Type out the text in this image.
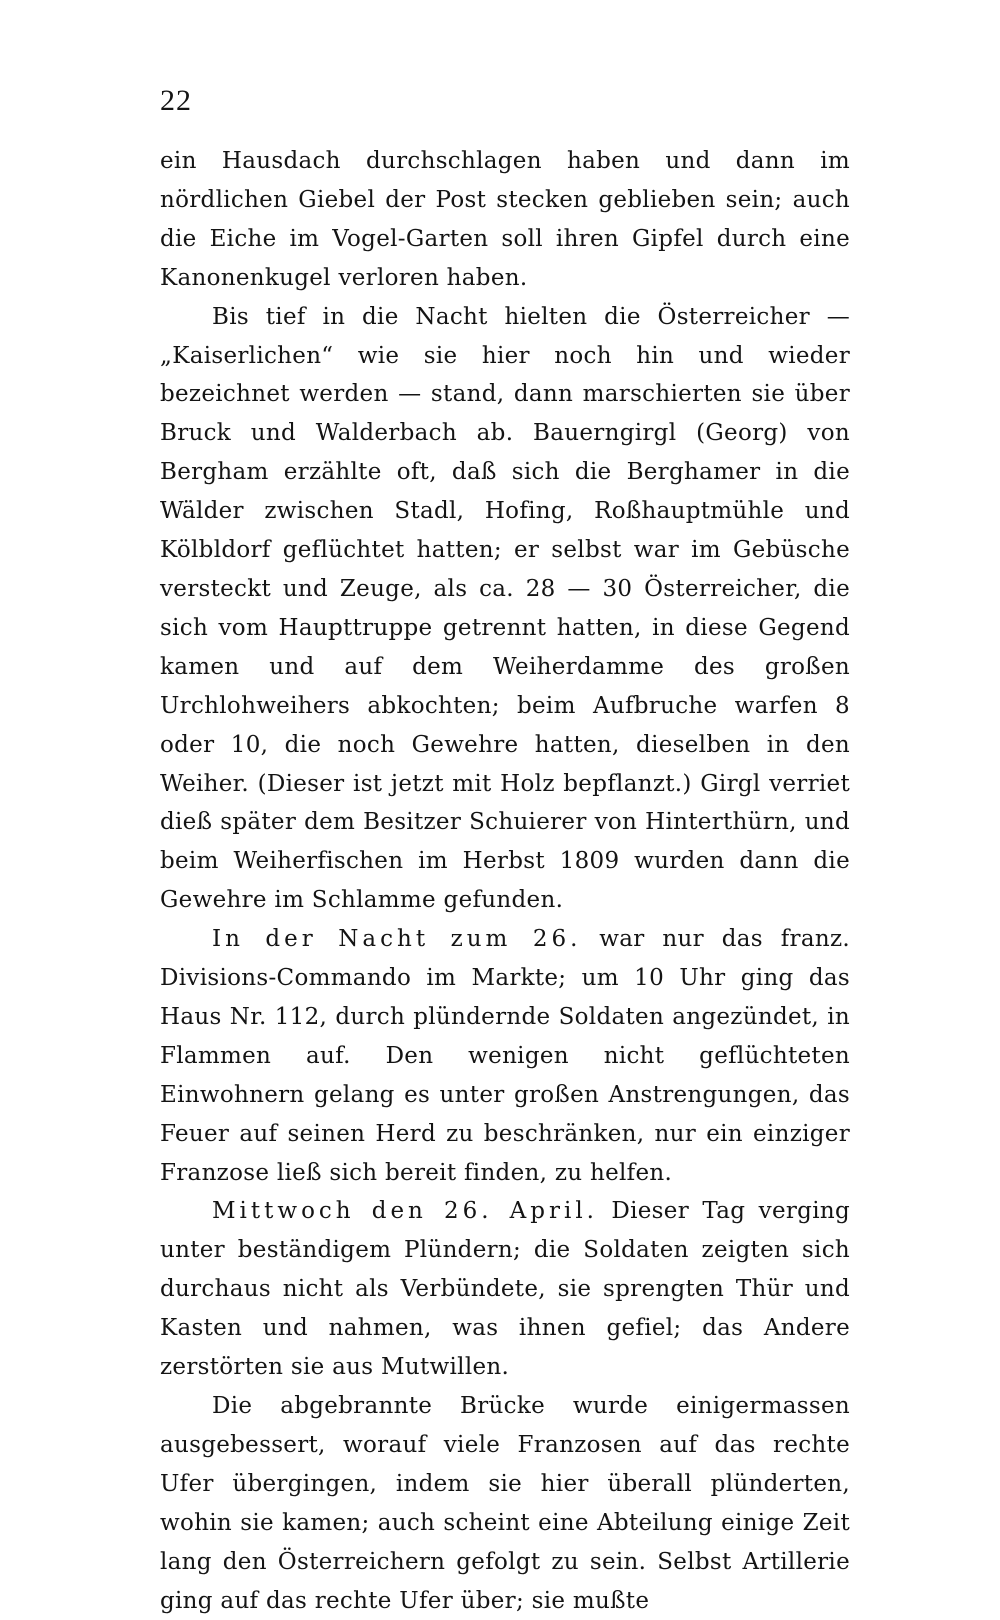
22

ein Hausdach durchschlagen haben und dann im nördlichen Giebel der Post stecken geblieben sein; auch die Eiche im Vogel-Garten soll ihren Gipfel durch eine Kanonenkugel verloren haben.

Bis tief in die Nacht hielten die Österreicher — „Kaiserlichen“ wie sie hier noch hin und wieder bezeichnet werden — stand, dann marschierten sie über Bruck und Walderbach ab. Bauerngirgl (Georg) von Bergham erzählte oft, daß sich die Berghamer in die Wälder zwischen Stadl, Hofing, Roßhauptmühle und Kölbldorf geflüchtet hatten; er selbst war im Gebüsche versteckt und Zeuge, als ca. 28 — 30 Österreicher, die sich vom Haupttruppe getrennt hatten, in diese Gegend kamen und auf dem Weiherdamme des großen Urchlohweihers abkochten; beim Aufbruche warfen 8 oder 10, die noch Gewehre hatten, dieselben in den Weiher. (Dieser ist jetzt mit Holz bepflanzt.) Girgl verriet dieß später dem Besitzer Schuierer von Hinterthürn, und beim Weiherfischen im Herbst 1809 wurden dann die Gewehre im Schlamme gefunden.

In der Nacht zum 26. war nur das franz. Divisions-Commando im Markte; um 10 Uhr ging das Haus Nr. 112, durch plündernde Soldaten angezündet, in Flammen auf. Den wenigen nicht geflüchteten Einwohnern gelang es unter großen Anstrengungen, das Feuer auf seinen Herd zu beschränken, nur ein einziger Franzose ließ sich bereit finden, zu helfen.

Mittwoch den 26. April. Dieser Tag verging unter beständigem Plündern; die Soldaten zeigten sich durchaus nicht als Verbündete, sie sprengten Thür und Kasten und nahmen, was ihnen gefiel; das Andere zerstörten sie aus Mutwillen.

Die abgebrannte Brücke wurde einigermassen ausgebessert, worauf viele Franzosen auf das rechte Ufer übergingen, indem sie hier überall plünderten, wohin sie kamen; auch scheint eine Abteilung einige Zeit lang den Österreichern gefolgt zu sein. Selbst Artillerie ging auf das rechte Ufer über; sie mußte
